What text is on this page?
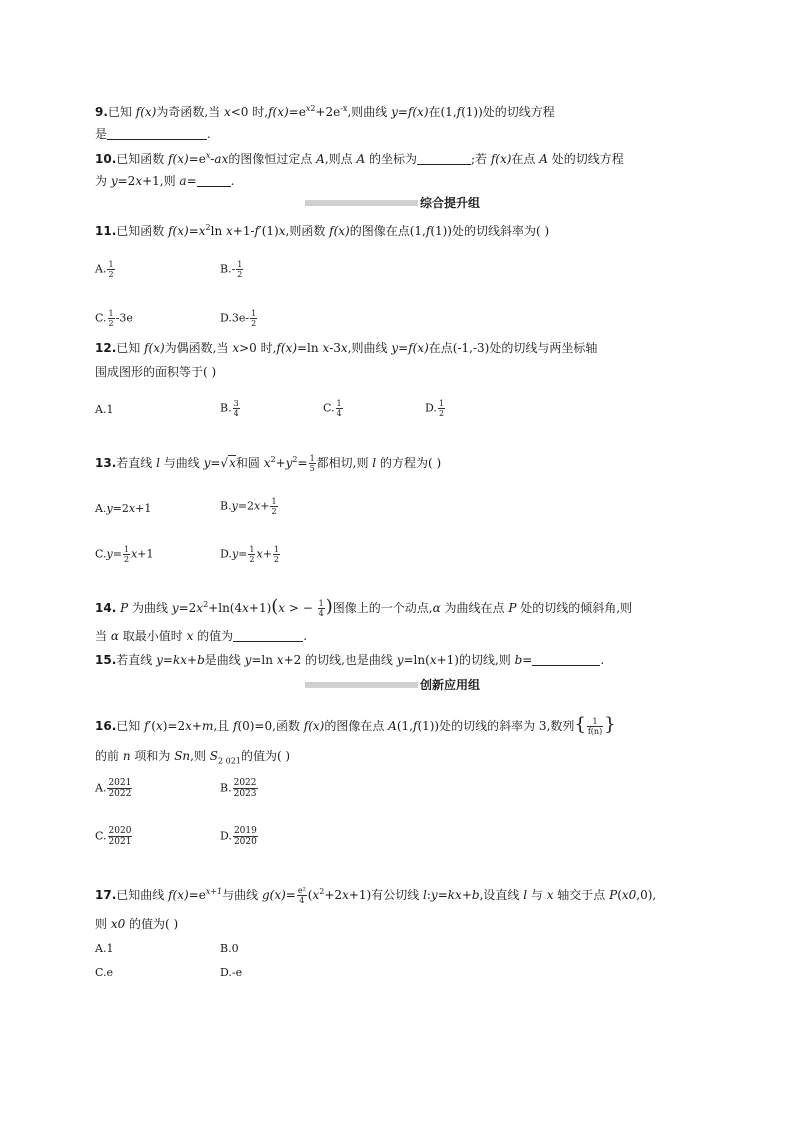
9.已知 f(x)为奇函数,当 x<0 时$,f(x)=e^{x2}+2e^{-x}$,则曲线 y=f(x)在(1,f(1))处的切线方程
是	.
10.已知函数 $f(x)=e^x-ax$的图像恒过定点 A,则点 A 的坐标为	;若 f(x)在点 A 处的切线方程
为 y=2x+1,则 a=	.
综合提升组
11.已知函数 $f(x)=x^2\ln$ x+1-f′(1)x,则函数 f(x)的图像在点(1,f(1))处的切线斜率为( )
A. $\frac{1}{2}$	$B.- \frac{1}{2}$
C. $\frac{1}{2} -3e$	$D.3e- \frac{1}{2}$
12.已知 f(x)为偶函数,当 x>0 时,f(x)=ln x-3x,则曲线 y=f(x)在点(-1,-3)处的切线与两坐标轴
围成图形的面积等于( )
A.1	B. $\frac{3}{4}$	C. $\frac{1}{4}$	D. $\frac{1}{2}$
13.若直线 l 与曲线 y=√x和圆 $x^2+y^2= \frac{1}{5}$ 都相切,则 l 的方程为( )
A.y=2x+1	$B.y=2x+ \frac{1}{2}$
$C.y= \frac{1}{2} x+1$	$D.y= \frac{1}{2} x+ \frac{1}{2}$
14. P 为曲线 $y=2x^2+\ln(4x+1)(x$ > − $\frac{1}{4}$ )图像上的一个动点,α 为曲线在点 P 处的切线的倾斜角,则
当 α 取最小值时 x 的值为	.
15.若直线 y=kx+b是曲线 y=ln x+2 的切线,也是曲线 y=ln(x+1)的切线,则 b=	.
创新应用组
16.已知 f′(x)=2x+m,且 f(0)=0,函数 f(x)的图像在点 A(1,f(1))处的切线的斜率为 3,数列{ $\frac{1}{f(n)}$ }
的前 n 项和为 Sn,则 $S_{2 021}$的值为( )
A. $\frac{2021}{2022}$	B. $\frac{2022}{2023}$
C. $\frac{2020}{2021}$	D. $\frac{2019}{2020}$
17.已知曲线 $f(x)=e^{x+1}$与曲线 $g(x)= \frac{\text{e²}}{4} (x^2+2x+1)$有公切线 l:y=kx+b,设直线 l 与 x 轴交于点 P(x0,0),
则 x0 的值为( )
A.1	B.0
C.e	D.-e
